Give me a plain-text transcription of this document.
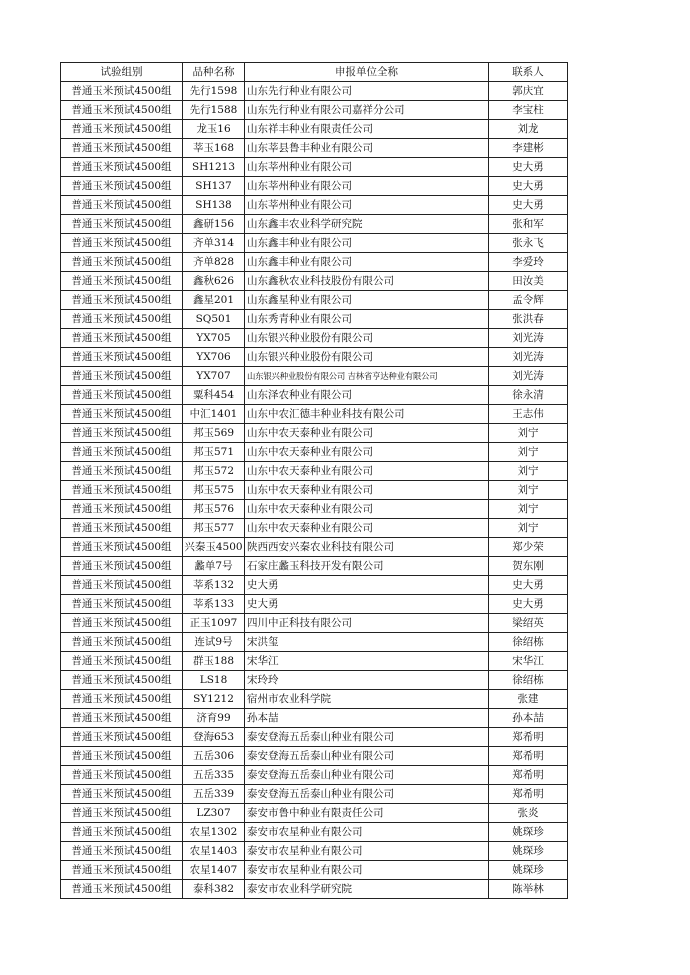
试验组别	品种名称	申报单位全称	联系人
普通玉米预试4500组	先行1598	山东先行种业有限公司	郭庆宜
普通玉米预试4500组	先行1588	山东先行种业有限公司嘉祥分公司	李宝柱
普通玉米预试4500组	龙玉16	山东祥丰种业有限责任公司	刘龙
普通玉米预试4500组	莘玉168	山东莘县鲁丰种业有限公司	李建彬
普通玉米预试4500组	SH1213	山东莘州种业有限公司	史大勇
普通玉米预试4500组	SH137	山东莘州种业有限公司	史大勇
普通玉米预试4500组	SH138	山东莘州种业有限公司	史大勇
普通玉米预试4500组	鑫研156	山东鑫丰农业科学研究院	张和军
普通玉米预试4500组	齐单314	山东鑫丰种业有限公司	张永飞
普通玉米预试4500组	齐单828	山东鑫丰种业有限公司	李爱玲
普通玉米预试4500组	鑫秋626	山东鑫秋农业科技股份有限公司	田汝美
普通玉米预试4500组	鑫星201	山东鑫星种业有限公司	孟令辉
普通玉米预试4500组	SQ501	山东秀青种业有限公司	张洪春
普通玉米预试4500组	YX705	山东银兴种业股份有限公司	刘光涛
普通玉米预试4500组	YX706	山东银兴种业股份有限公司	刘光涛
普通玉米预试4500组	YX707	山东银兴种业股份有限公司 吉林省亨达种业有限公司	刘光涛
普通玉米预试4500组	粟科454	山东泽农种业有限公司	徐永清
普通玉米预试4500组	中汇1401	山东中农汇德丰种业科技有限公司	王志伟
普通玉米预试4500组	邦玉569	山东中农天泰种业有限公司	刘宁
普通玉米预试4500组	邦玉571	山东中农天泰种业有限公司	刘宁
普通玉米预试4500组	邦玉572	山东中农天泰种业有限公司	刘宁
普通玉米预试4500组	邦玉575	山东中农天泰种业有限公司	刘宁
普通玉米预试4500组	邦玉576	山东中农天泰种业有限公司	刘宁
普通玉米预试4500组	邦玉577	山东中农天泰种业有限公司	刘宁
普通玉米预试4500组	兴秦玉4500	陕西西安兴秦农业科技有限公司	郑少荣
普通玉米预试4500组	蠡单7号	石家庄蠡玉科技开发有限公司	贺东刚
普通玉米预试4500组	莘系132	史大勇	史大勇
普通玉米预试4500组	莘系133	史大勇	史大勇
普通玉米预试4500组	正玉1097	四川中正科技有限公司	梁绍英
普通玉米预试4500组	连试9号	宋洪玺	徐绍栋
普通玉米预试4500组	群玉188	宋华江	宋华江
普通玉米预试4500组	LS18	宋玲玲	徐绍栋
普通玉米预试4500组	SY1212	宿州市农业科学院	张建
普通玉米预试4500组	济育99	孙本喆	孙本喆
普通玉米预试4500组	登海653	泰安登海五岳泰山种业有限公司	郑希明
普通玉米预试4500组	五岳306	泰安登海五岳泰山种业有限公司	郑希明
普通玉米预试4500组	五岳335	泰安登海五岳泰山种业有限公司	郑希明
普通玉米预试4500组	五岳339	泰安登海五岳泰山种业有限公司	郑希明
普通玉米预试4500组	LZ307	泰安市鲁中种业有限责任公司	张炎
普通玉米预试4500组	农星1302	泰安市农星种业有限公司	姚琛珍
普通玉米预试4500组	农星1403	泰安市农星种业有限公司	姚琛珍
普通玉米预试4500组	农星1407	泰安市农星种业有限公司	姚琛珍
普通玉米预试4500组	泰科382	泰安市农业科学研究院	陈举林
